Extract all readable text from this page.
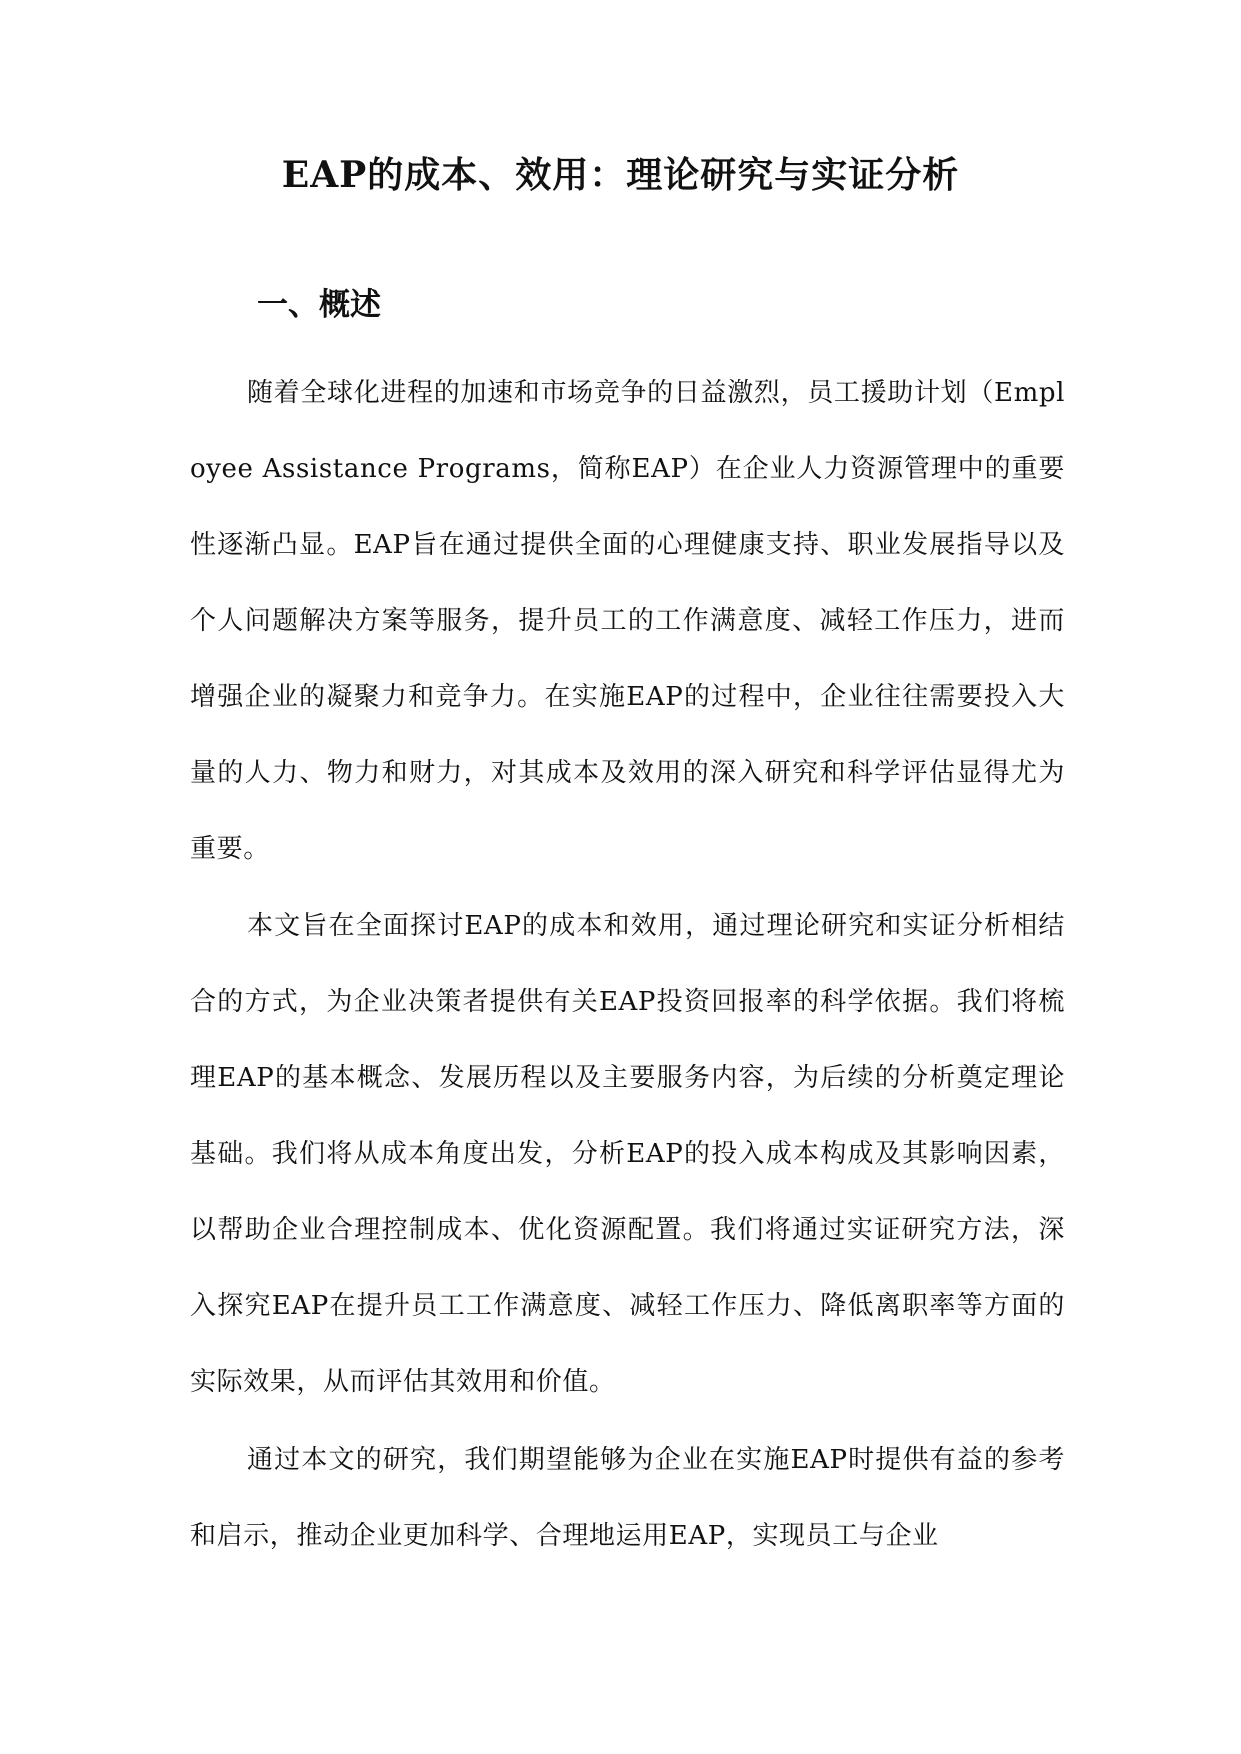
EAP的成本、效用：理论研究与实证分析
一、概述

随着全球化进程的加速和市场竞争的日益激烈，员工援助计划（Employee Assistance Programs，简称EAP）在企业人力资源管理中的重要性逐渐凸显。EAP旨在通过提供全面的心理健康支持、职业发展指导以及个人问题解决方案等服务，提升员工的工作满意度、减轻工作压力，进而增强企业的凝聚力和竞争力。在实施EAP的过程中，企业往往需要投入大量的人力、物力和财力，对其成本及效用的深入研究和科学评估显得尤为重要。

本文旨在全面探讨EAP的成本和效用，通过理论研究和实证分析相结合的方式，为企业决策者提供有关EAP投资回报率的科学依据。我们将梳理EAP的基本概念、发展历程以及主要服务内容，为后续的分析奠定理论基础。我们将从成本角度出发，分析EAP的投入成本构成及其影响因素，以帮助企业合理控制成本、优化资源配置。我们将通过实证研究方法，深入探究EAP在提升员工工作满意度、减轻工作压力、降低离职率等方面的实际效果，从而评估其效用和价值。

通过本文的研究，我们期望能够为企业在实施EAP时提供有益的参考和启示，推动企业更加科学、合理地运用EAP，实现员工与企业
